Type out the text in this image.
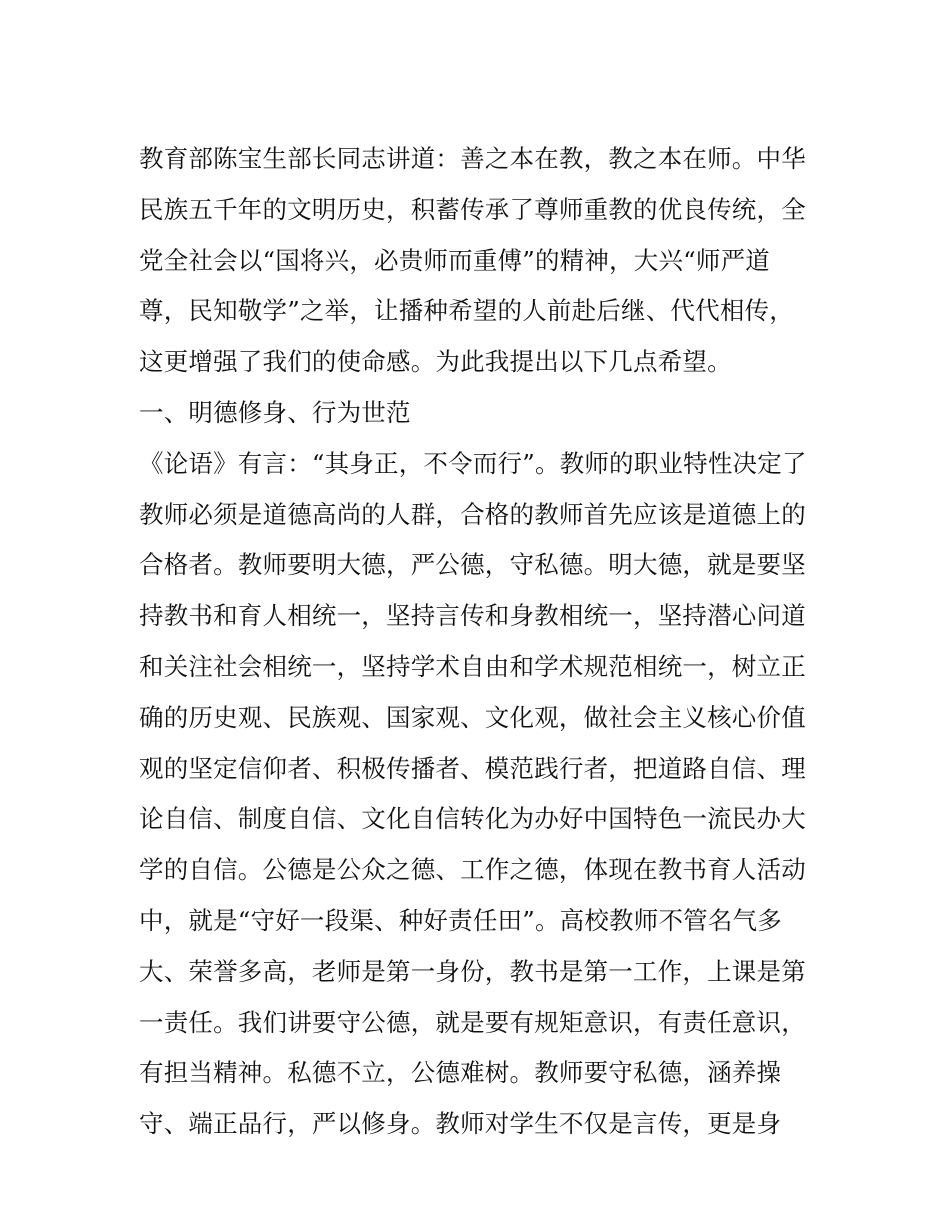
教育部陈宝生部长同志讲道：善之本在教，教之本在师。中华
民族五千年的文明历史，积蓄传承了尊师重教的优良传统，全
党全社会以“国将兴，必贵师而重傅”的精神，大兴“师严道
尊，民知敬学”之举，让播种希望的人前赴后继、代代相传，
这更增强了我们的使命感。为此我提出以下几点希望。
一、明德修身、行为世范
《论语》有言：“其身正，不令而行”。教师的职业特性决定了
教师必须是道德高尚的人群，合格的教师首先应该是道德上的
合格者。教师要明大德，严公德，守私德。明大德，就是要坚
持教书和育人相统一，坚持言传和身教相统一，坚持潜心问道
和关注社会相统一，坚持学术自由和学术规范相统一，树立正
确的历史观、民族观、国家观、文化观，做社会主义核心价值
观的坚定信仰者、积极传播者、模范践行者，把道路自信、理
论自信、制度自信、文化自信转化为办好中国特色一流民办大
学的自信。公德是公众之德、工作之德，体现在教书育人活动
中，就是“守好一段渠、种好责任田”。高校教师不管名气多
大、荣誉多高，老师是第一身份，教书是第一工作，上课是第
一责任。我们讲要守公德，就是要有规矩意识，有责任意识，
有担当精神。私德不立，公德难树。教师要守私德，涵养操
守、端正品行，严以修身。教师对学生不仅是言传，更是身
